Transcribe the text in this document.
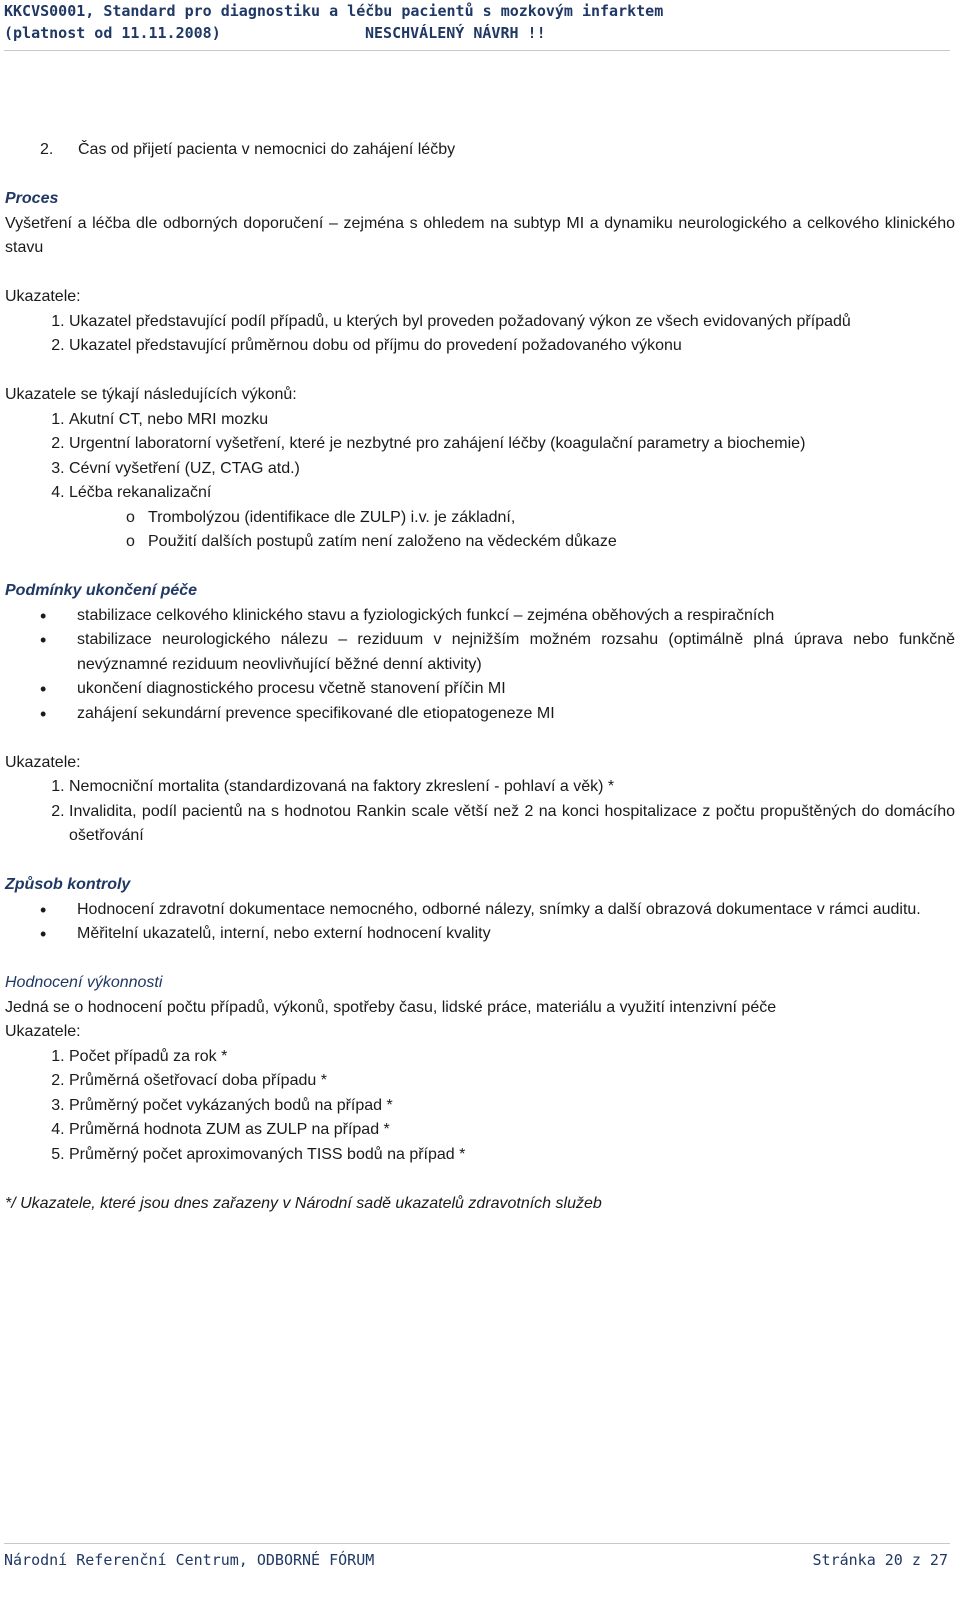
KKCVS0001, Standard pro diagnostiku a léčbu pacientů s mozkovým infarktem
(platnost od 11.11.2008)	NESCHVÁLENÝ NÁVRH !!

2. Čas od přijetí pacienta v nemocnici do zahájení léčby

Proces

Vyšetření a léčba dle odborných doporučení – zejména s ohledem na subtyp MI a dynamiku neurologického a celkového klinického stavu

Ukazatele:

1. Ukazatel představující podíl případů, u kterých byl proveden požadovaný výkon ze všech evidovaných případů
2. Ukazatel představující průměrnou dobu od příjmu do provedení požadovaného výkonu

Ukazatele se týkají následujících výkonů:

1. Akutní CT, nebo MRI mozku
2. Urgentní laboratorní vyšetření, které je nezbytné pro zahájení léčby (koagulační parametry a biochemie)
3. Cévní vyšetření (UZ, CTAG atd.)
4. Léčba rekanalizační
o Trombolýzou (identifikace dle ZULP) i.v. je základní,
o Použití dalších postupů zatím není založeno na vědeckém důkaze

Podmínky ukončení péče

• stabilizace celkového klinického stavu a fyziologických funkcí – zejména oběhových a respiračních
• stabilizace neurologického nálezu – reziduum v nejnižším možném rozsahu (optimálně plná úprava nebo funkčně nevýznamné reziduum neovlivňující běžné denní aktivity)
• ukončení diagnostického procesu včetně stanovení příčin MI
• zahájení sekundární prevence specifikované dle etiopatogeneze MI

Ukazatele:

1. Nemocniční mortalita (standardizovaná na faktory zkreslení - pohlaví a věk) *
2. Invalidita, podíl pacientů na s hodnotou Rankin scale větší než 2 na konci hospitalizace z počtu propuštěných do domácího ošetřování

Způsob kontroly

• Hodnocení zdravotní dokumentace nemocného, odborné nálezy, snímky a další obrazová dokumentace v rámci auditu.
• Měřitelní ukazatelů, interní, nebo externí hodnocení kvality

Hodnocení výkonnosti

Jedná se o hodnocení počtu případů, výkonů, spotřeby času, lidské práce, materiálu a využití intenzivní péče

Ukazatele:

1. Počet případů za rok *
2. Průměrná ošetřovací doba případu *
3. Průměrný počet vykázaných bodů na případ *
4. Průměrná hodnota ZUM as ZULP na případ *
5. Průměrný počet aproximovaných TISS bodů na případ *

*/ Ukazatele, které jsou dnes zařazeny v Národní sadě ukazatelů zdravotních služeb

Národní Referenční Centrum, ODBORNÉ FÓRUM	Stránka 20 z 27
